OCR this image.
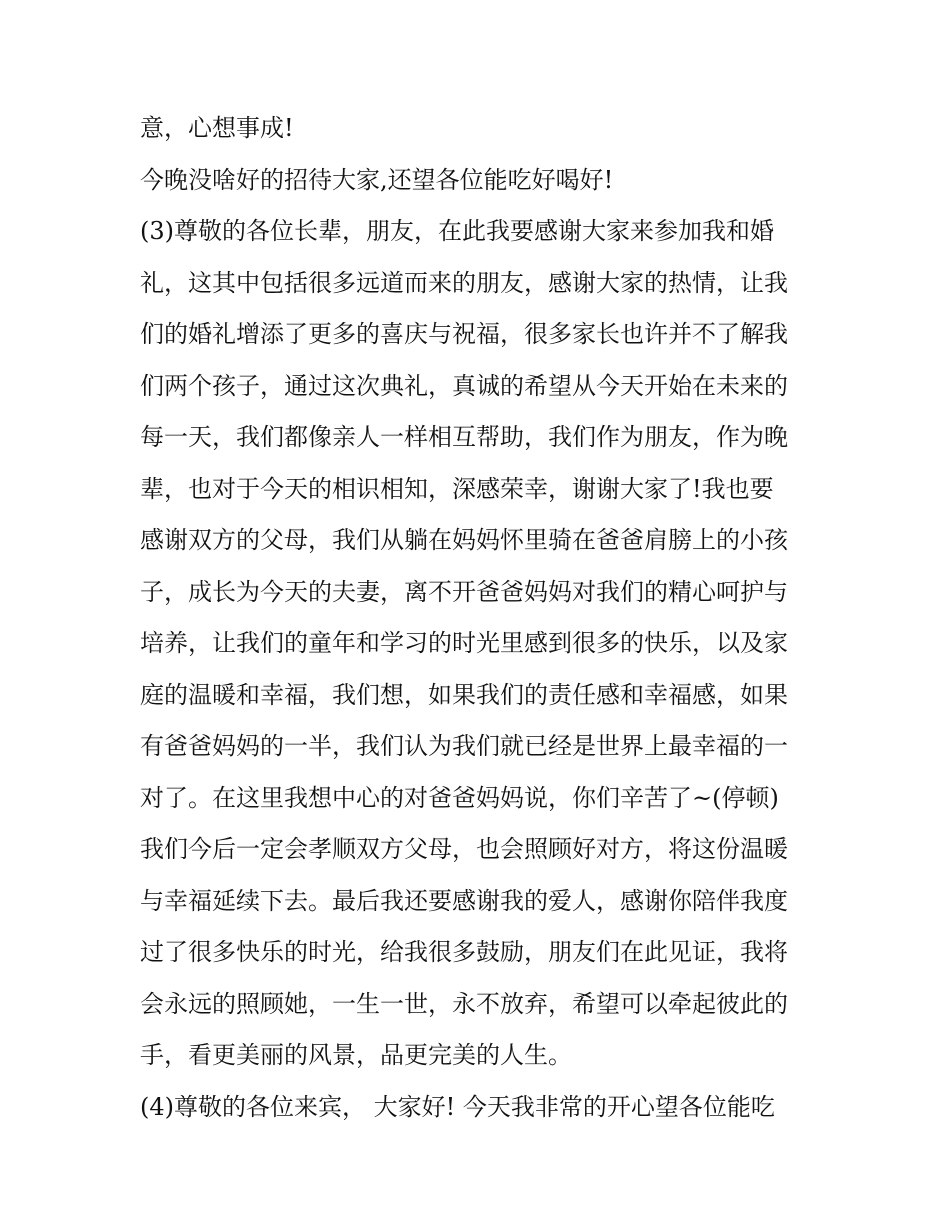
意，心想事成!
今晚没啥好的招待大家,还望各位能吃好喝好!
(3)尊敬的各位长辈，朋友，在此我要感谢大家来参加我和婚
礼，这其中包括很多远道而来的朋友，感谢大家的热情，让我
们的婚礼增添了更多的喜庆与祝福，很多家长也许并不了解我
们两个孩子，通过这次典礼，真诚的希望从今天开始在未来的
每一天，我们都像亲人一样相互帮助，我们作为朋友，作为晚
辈，也对于今天的相识相知，深感荣幸，谢谢大家了!我也要
感谢双方的父母，我们从躺在妈妈怀里骑在爸爸肩膀上的小孩
子，成长为今天的夫妻，离不开爸爸妈妈对我们的精心呵护与
培养，让我们的童年和学习的时光里感到很多的快乐，以及家
庭的温暖和幸福，我们想，如果我们的责任感和幸福感，如果
有爸爸妈妈的一半，我们认为我们就已经是世界上最幸福的一
对了。在这里我想中心的对爸爸妈妈说，你们辛苦了~(停顿)
我们今后一定会孝顺双方父母，也会照顾好对方，将这份温暖
与幸福延续下去。最后我还要感谢我的爱人，感谢你陪伴我度
过了很多快乐的时光，给我很多鼓励，朋友们在此见证，我将
会永远的照顾她，一生一世，永不放弃，希望可以牵起彼此的
手，看更美丽的风景，品更完美的人生。
(4)尊敬的各位来宾， 大家好! 今天我非常的开心望各位能吃
